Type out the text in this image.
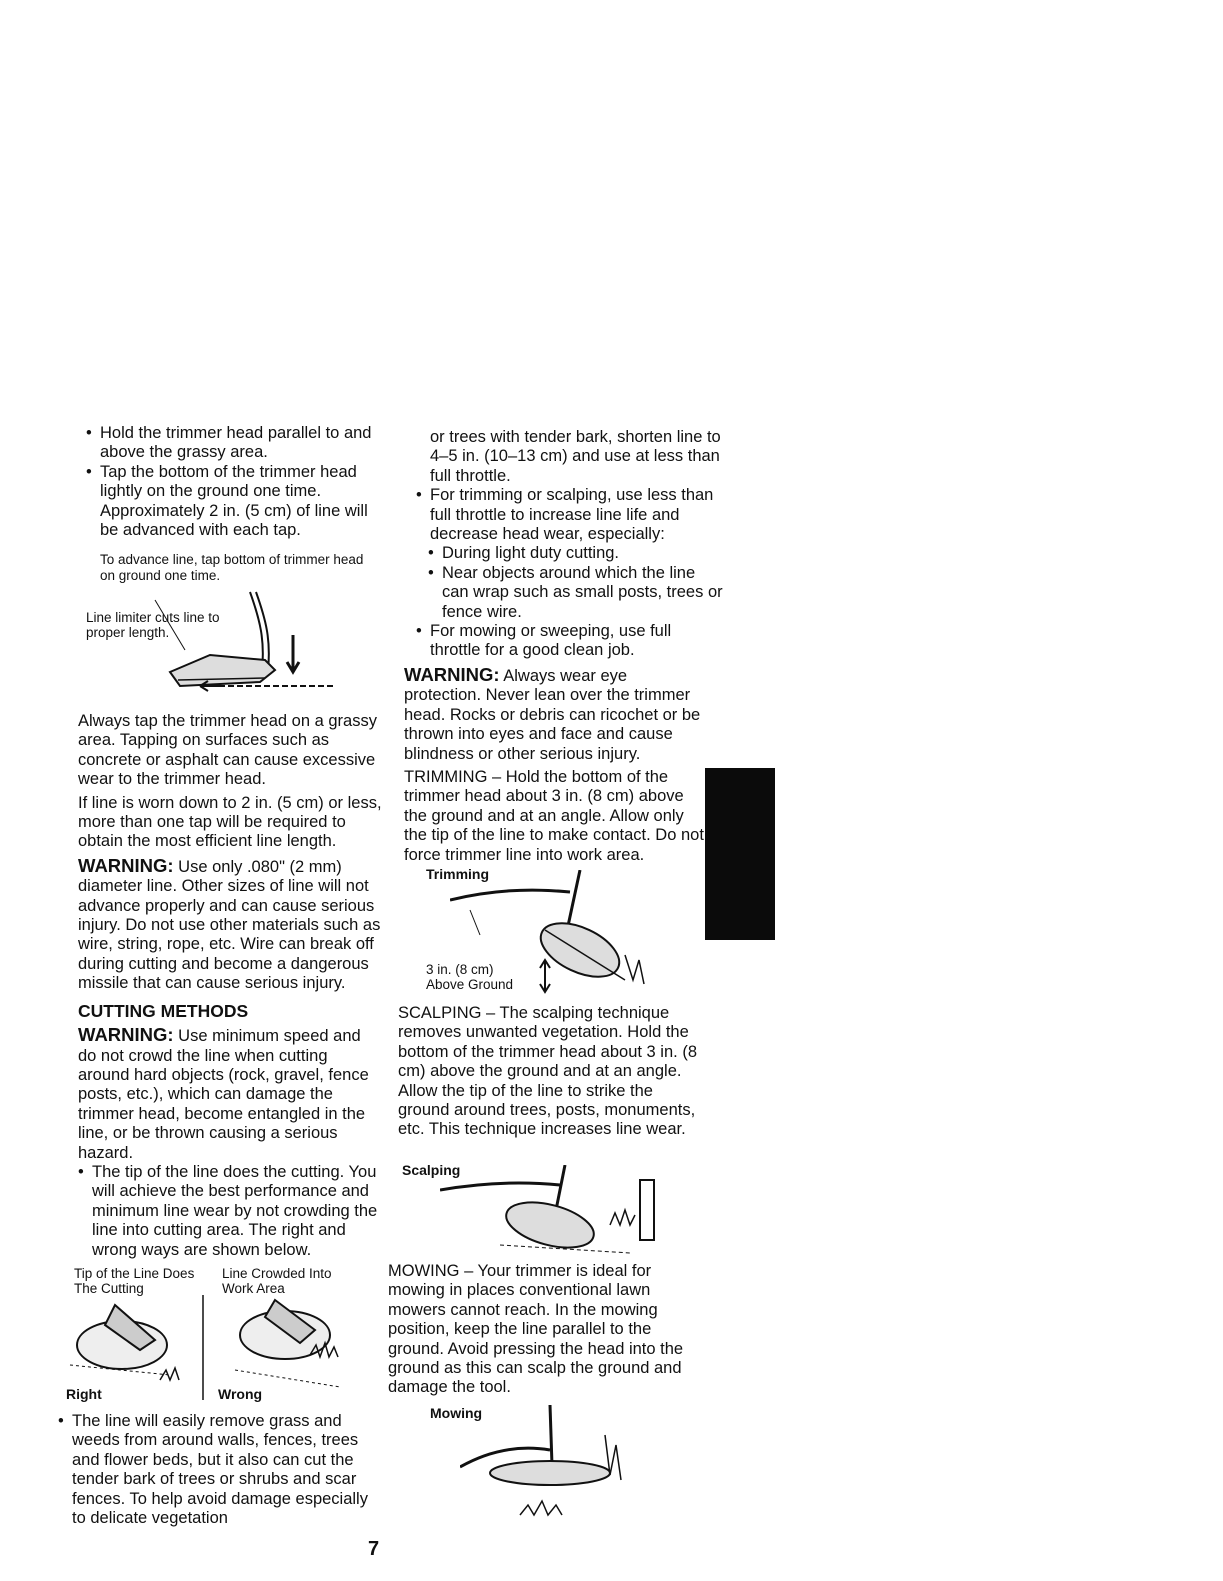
• Hold the trimmer head parallel to and above the grassy area.

• Tap the bottom of the trimmer head lightly on the ground one time. Approximately 2 in. (5 cm) of line will be advanced with each tap.

To advance line, tap bottom of trimmer head on ground one time.

Line limiter cuts line to proper length.

Always tap the trimmer head on a grassy area. Tapping on surfaces such as concrete or asphalt can cause excessive wear to the trimmer head.

If line is worn down to 2 in. (5 cm) or less, more than one tap will be required to obtain the most efficient line length.

WARNING: Use only .080" (2 mm) diameter line. Other sizes of line will not advance properly and can cause serious injury. Do not use other materials such as wire, string, rope, etc. Wire can break off during cutting and become a dangerous missile that can cause serious injury.

CUTTING METHODS

WARNING: Use minimum speed and do not crowd the line when cutting around hard objects (rock, gravel, fence posts, etc.), which can damage the trimmer head, become entangled in the line, or be thrown causing a serious hazard.

• The tip of the line does the cutting. You will achieve the best performance and minimum line wear by not crowding the line into cutting area. The right and wrong ways are shown below.

Tip of the Line Does The Cutting
Line Crowded Into Work Area
Right	Wrong
• The line will easily remove grass and weeds from around walls, fences, trees and flower beds, but it also can cut the tender bark of trees or shrubs and scar fences. To help avoid damage especially to delicate vegetation

or trees with tender bark, shorten line to 4–5 in. (10–13 cm) and use at less than full throttle.

• For trimming or scalping, use less than full throttle to increase line life and decrease head wear, especially:

• During light duty cutting.

• Near objects around which the line can wrap such as small posts, trees or fence wire.

• For mowing or sweeping, use full throttle for a good clean job.

WARNING: Always wear eye protection. Never lean over the trimmer head. Rocks or debris can ricochet or be thrown into eyes and face and cause blindness or other serious injury.

TRIMMING – Hold the bottom of the trimmer head about 3 in. (8 cm) above the ground and at an angle. Allow only the tip of the line to make contact. Do not force trimmer line into work area.

Trimming
3 in. (8 cm) Above Ground

SCALPING – The scalping technique removes unwanted vegetation. Hold the bottom of the trimmer head about 3 in. (8 cm) above the ground and at an angle. Allow the tip of the line to strike the ground around trees, posts, monuments, etc. This technique increases line wear.

Scalping

MOWING – Your trimmer is ideal for mowing in places conventional lawn mowers cannot reach. In the mowing position, keep the line parallel to the ground. Avoid pressing the head into the ground as this can scalp the ground and damage the tool.

Mowing
7
